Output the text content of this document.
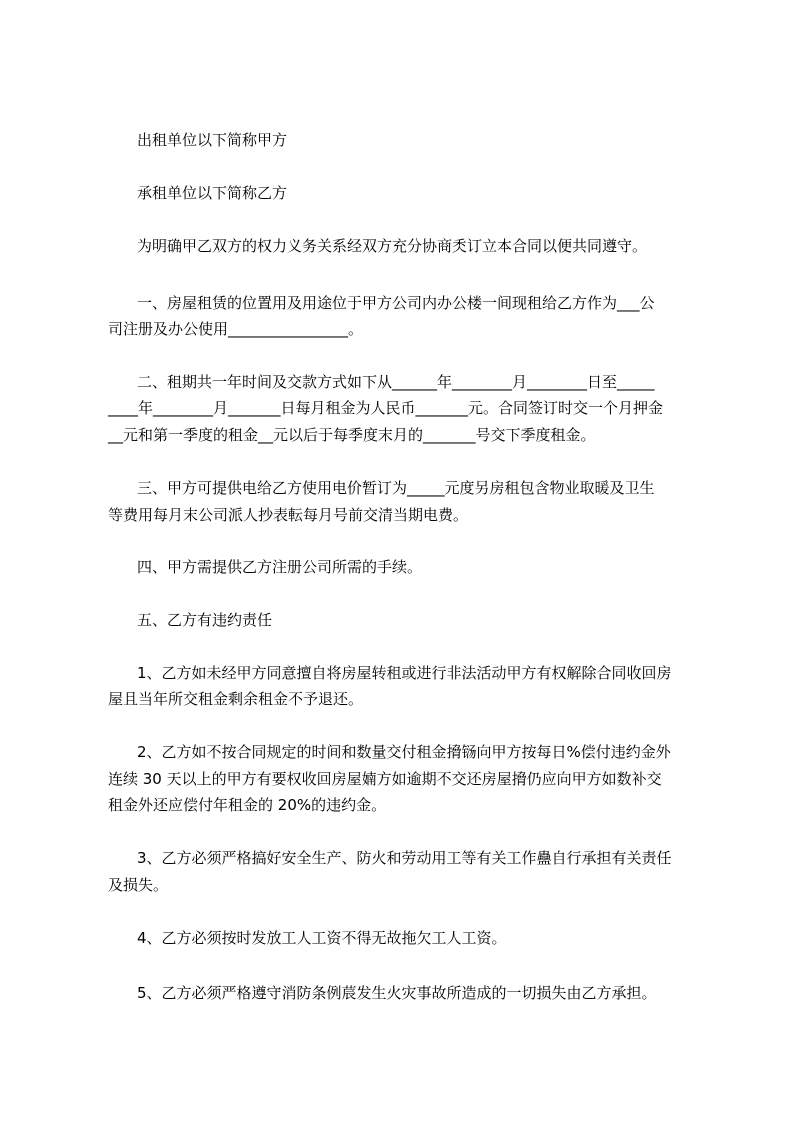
出租单位以下简称甲方
承租单位以下简称乙方
为明确甲乙双方的权力义务关系经双方充分协商秂订立本合同以便共同遵守。
一、房屋租赁的位置用及用途位于甲方公司内办公楼一间现租给乙方作为___公
司注册及办公使用________________。
二、租期共一年时间及交款方式如下从______年________月________日至_____
____年________月_______日每月租金为人民币_______元。合同签订时交一个月押金
__元和第一季度的租金__元以后于每季度末月的_______号交下季度租金。
三、甲方可提供电给乙方使用电价暂订为_____元度另房租包含物业取暖及卫生
等费用每月末公司派人抄表転每月号前交清当期电费。
四、甲方需提供乙方注册公司所需的手续。
五、乙方有违约责任
1、乙方如未经甲方同意擅自将房屋转租或进行非法活动甲方有权解除合同收回房
屋且当年所交租金剩余租金不予退还。
2、乙方如不按合同规定的时间和数量交付租金搚铴向甲方按每日%偿付违约金外
连续 30 天以上的甲方有要权收回房屋婻方如逾期不交还房屋搚仍应向甲方如数补交
租金外还应偿付年租金的 20%的违约金。
3、乙方必须严格搞好安全生产、防火和劳动用工等有关工作蠱自行承担有关责任
及损失。
4、乙方必须按时发放工人工资不得无故拖欠工人工资。
5、乙方必须严格遵守消防条例莀发生火灾事故所造成的一切损失由乙方承担。
